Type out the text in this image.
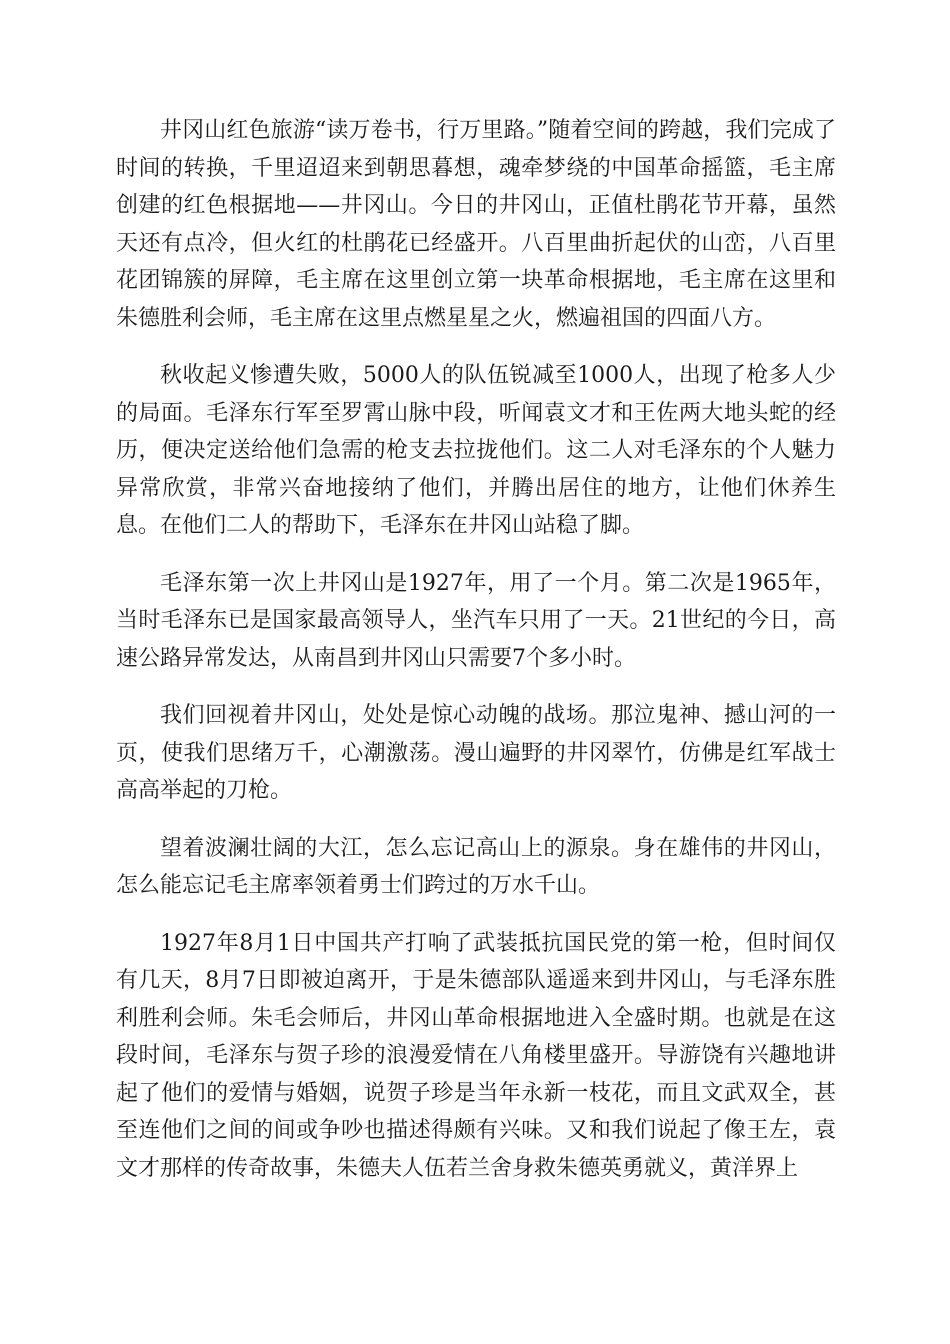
井冈山红色旅游“读万卷书，行万里路。”随着空间的跨越，我们完成了时间的转换，千里迢迢来到朝思暮想，魂牵梦绕的中国革命摇篮，毛主席创建的红色根据地——井冈山。今日的井冈山，正值杜鹃花节开幕，虽然天还有点冷，但火红的杜鹃花已经盛开。八百里曲折起伏的山峦，八百里花团锦簇的屏障，毛主席在这里创立第一块革命根据地，毛主席在这里和朱德胜利会师，毛主席在这里点燃星星之火，燃遍祖国的四面八方。

秋收起义惨遭失败，5000人的队伍锐减至1000人，出现了枪多人少的局面。毛泽东行军至罗霄山脉中段，听闻袁文才和王佐两大地头蛇的经历，便决定送给他们急需的枪支去拉拢他们。这二人对毛泽东的个人魅力异常欣赏，非常兴奋地接纳了他们，并腾出居住的地方，让他们休养生息。在他们二人的帮助下，毛泽东在井冈山站稳了脚。

毛泽东第一次上井冈山是1927年，用了一个月。第二次是1965年，当时毛泽东已是国家最高领导人，坐汽车只用了一天。21世纪的今日，高速公路异常发达，从南昌到井冈山只需要7个多小时。

我们回视着井冈山，处处是惊心动魄的战场。那泣鬼神、撼山河的一页，使我们思绪万千，心潮激荡。漫山遍野的井冈翠竹，仿佛是红军战士高高举起的刀枪。

望着波澜壮阔的大江，怎么忘记高山上的源泉。身在雄伟的井冈山，怎么能忘记毛主席率领着勇士们跨过的万水千山。

1927年8月1日中国共产打响了武装抵抗国民党的第一枪，但时间仅有几天，8月7日即被迫离开，于是朱德部队遥遥来到井冈山，与毛泽东胜利胜利会师。朱毛会师后，井冈山革命根据地进入全盛时期。也就是在这段时间，毛泽东与贺子珍的浪漫爱情在八角楼里盛开。导游饶有兴趣地讲起了他们的爱情与婚姻，说贺子珍是当年永新一枝花，而且文武双全，甚至连他们之间的间或争吵也描述得颇有兴味。又和我们说起了像王左，袁文才那样的传奇故事，朱德夫人伍若兰舍身救朱德英勇就义，黄洋界上
